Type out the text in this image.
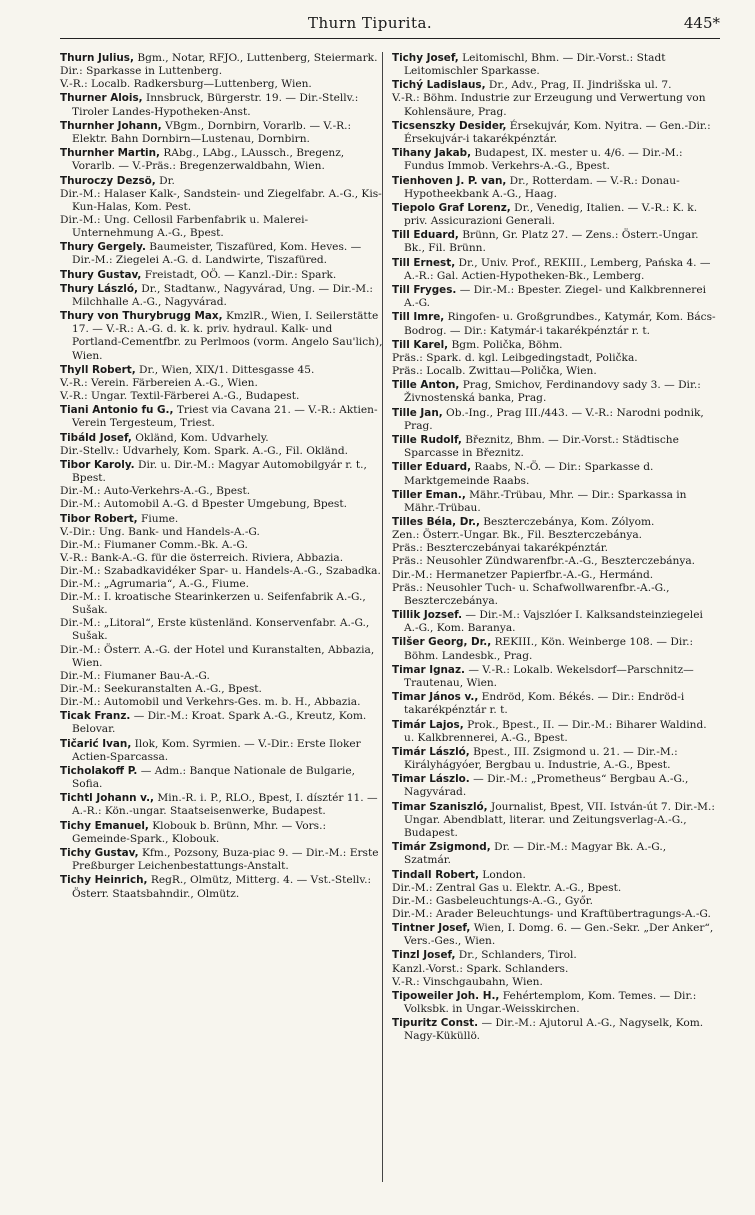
Thurn Tipurita.	445*
Thurn Julius, Bgm., Notar, RFJO., Luttenberg, Steiermark.
Dir.: Sparkasse in Luttenberg.
V.-R.: Localb. Radkersburg—Luttenberg, Wien.
Thurner Alois, Innsbruck, Bürgerstr. 19. — Dir.-Stellv.: Tiroler Landes-Hypotheken-Anst.
Thurnher Johann, VBgm., Dornbirn, Vorarlb. — V.-R.: Elektr. Bahn Dornbirn—Lustenau, Dornbirn.
Thurnher Martin, RAbg., LAbg., LAussch., Bregenz, Vorarlb. — V.-Präs.: Bregenzerwaldbahn, Wien.
Thuroczy Dezsö, Dr.
Dir.-M.: Halaser Kalk-, Sandstein- und Ziegelfabr. A.-G., Kis-Kun-Halas, Kom. Pest.
Dir.-M.: Ung. Cellosil Farbenfabrik u. Malerei-Unternehmung A.-G., Bpest.
Thury Gergely. Baumeister, Tiszafüred, Kom. Heves. — Dir.-M.: Ziegelei A.-G. d. Landwirte, Tiszafüred.
Thury Gustav, Freistadt, OÖ. — Kanzl.-Dir.: Spark.
Thury László, Dr., Stadtanw., Nagyvárad, Ung. — Dir.-M.: Milchhalle A.-G., Nagyvárad.
Thury von Thurybrugg Max, KmzlR., Wien, I. Seilerstätte 17. — V.-R.: A.-G. d. k. k. priv. hydraul. Kalk- und Portland-Cementfbr. zu Perlmoos (vorm. Angelo Sau'lich), Wien.
Thyll Robert, Dr., Wien, XIX/1. Dittesgasse 45.
V.-R.: Verein. Färbereien A.-G., Wien.
V.-R.: Ungar. Textil-Färberei A.-G., Budapest.
Tiani Antonio fu G., Triest via Cavana 21. — V.-R.: Aktien-Verein Tergesteum, Triest.
Tibáld Josef, Okländ, Kom. Udvarhely.
Dir.-Stellv.: Udvarhely, Kom. Spark. A.-G., Fil. Okländ.
Tibor Karoly. Dir. u. Dir.-M.: Magyar Automobilgyár r. t., Bpest.
Dir.-M.: Auto-Verkehrs-A.-G., Bpest.
Dir.-M.: Automobil A.-G. d Bpester Umgebung, Bpest.
Tibor Robert, Fiume.
V.-Dir.: Ung. Bank- und Handels-A.-G.
Dir.-M.: Fiumaner Comm.-Bk. A.-G.
V.-R.: Bank-A.-G. für die österreich. Riviera, Abbazia.
Dir.-M.: Szabadkavidéker Spar- u. Handels-A.-G., Szabadka.
Dir.-M.: „Agrumaria“, A.-G., Fiume.
Dir.-M.: I. kroatische Stearinkerzen u. Seifenfabrik A.-G., Sušak.
Dir.-M.: „Litoral“, Erste küstenländ. Konservenfabr. A.-G., Sušak.
Dir.-M.: Österr. A.-G. der Hotel und Kuranstalten, Abbazia, Wien.
Dir.-M.: Fiumaner Bau-A.-G.
Dir.-M.: Seekuranstalten A.-G., Bpest.
Dir.-M.: Automobil und Verkehrs-Ges. m. b. H., Abbazia.
Ticak Franz. — Dir.-M.: Kroat. Spark A.-G., Kreutz, Kom. Belovar.
Tičarić Ivan, Ilok, Kom. Syrmien. — V.-Dir.: Erste Iloker Actien-Sparcassa.
Ticholakoff P. — Adm.: Banque Nationale de Bulgarie, Sofia.
Tichtl Johann v., Min.-R. i. P., RLO., Bpest, I. dísztér 11. — A.-R.: Kön.-ungar. Staatseisenwerke, Budapest.
Tichy Emanuel, Klobouk b. Brünn, Mhr. — Vors.: Gemeinde-Spark., Klobouk.
Tichy Gustav, Kfm., Pozsony, Buza-piac 9. — Dir.-M.: Erste Preßburger Leichenbestattungs-Anstalt.
Tichy Heinrich, RegR., Olmütz, Mitterg. 4. — Vst.-Stellv.: Österr. Staatsbahndir., Olmütz.
Tichy Josef, Leitomischl, Bhm. — Dir.-Vorst.: Stadt Leitomischler Sparkasse.
Tichý Ladislaus, Dr., Adv., Prag, II. Jindrišska ul. 7.
V.-R.: Böhm. Industrie zur Erzeugung und Verwertung von Kohlensäure, Prag.
Ticsenszky Desider, Érsekujvár, Kom. Nyitra. — Gen.-Dir.: Érsekujvár-i takarékpénztár.
Tihany Jakab, Budapest, IX. mester u. 4/6. — Dir.-M.: Fundus Immob. Verkehrs-A.-G., Bpest.
Tienhoven J. P. van, Dr., Rotterdam. — V.-R.: Donau-Hypotheekbank A.-G., Haag.
Tiepolo Graf Lorenz, Dr., Venedig, Italien. — V.-R.: K. k. priv. Assicurazioni Generali.
Till Eduard, Brünn, Gr. Platz 27. — Zens.: Österr.-Ungar. Bk., Fil. Brünn.
Till Ernest, Dr., Univ. Prof., REKIII., Lemberg, Pańska 4. — A.-R.: Gal. Actien-Hypotheken-Bk., Lemberg.
Till Fryges. — Dir.-M.: Bpester. Ziegel- und Kalkbrennerei A.-G.
Till Imre, Ringofen- u. Großgrundbes., Katymár, Kom. Bács-Bodrog. — Dir.: Katymár-i takarékpénztár r. t.
Till Karel, Bgm. Polička, Böhm.
Präs.: Spark. d. kgl. Leibgedingstadt, Polička.
Präs.: Localb. Zwittau—Polička, Wien.
Tille Anton, Prag, Smichov, Ferdinandovy sady 3. — Dir.: Živnostenská banka, Prag.
Tille Jan, Ob.-Ing., Prag III./443. — V.-R.: Narodni podnik, Prag.
Tille Rudolf, Březnitz, Bhm. — Dir.-Vorst.: Städtische Sparcasse in Březnitz.
Tiller Eduard, Raabs, N.-Ö. — Dir.: Sparkasse d. Marktgemeinde Raabs.
Tiller Eman., Mähr.-Trübau, Mhr. — Dir.: Sparkassa in Mähr.-Trübau.
Tilles Béla, Dr., Beszterczebánya, Kom. Zólyom.
Zen.: Österr.-Ungar. Bk., Fil. Beszterczebánya.
Präs.: Beszterczebányai takarékpénztár.
Präs.: Neusohler Zündwarenfbr.-A.-G., Beszterczebánya.
Dir.-M.: Hermanetzer Papierfbr.-A.-G., Hermánd.
Präs.: Neusohler Tuch- u. Schafwollwarenfbr.-A.-G., Beszterczebánya.
Tillik Jozsef. — Dir.-M.: Vajszlóer I. Kalksandsteinziegelei A.-G., Kom. Baranya.
Tilšer Georg, Dr., REKIII., Kön. Weinberge 108. — Dir.: Böhm. Landesbk., Prag.
Timar Ignaz. — V.-R.: Lokalb. Wekelsdorf—Parschnitz—Trautenau, Wien.
Timar János v., Endröd, Kom. Békés. — Dir.: Endröd-i takarékpénztár r. t.
Timár Lajos, Prok., Bpest., II. — Dir.-M.: Biharer Waldind. u. Kalkbrennerei, A.-G., Bpest.
Timár László, Bpest., III. Zsigmond u. 21. — Dir.-M.: Királyhágyóer, Bergbau u. Industrie, A.-G., Bpest.
Timar Lászlo. — Dir.-M.: „Prometheus“ Bergbau A.-G., Nagyvárad.
Timar Szaniszló, Journalist, Bpest, VII. István-út 7. Dir.-M.: Ungar. Abendblatt, literar. und Zeitungsverlag-A.-G., Budapest.
Timár Zsigmond, Dr. — Dir.-M.: Magyar Bk. A.-G., Szatmár.
Tindall Robert, London.
Dir.-M.: Zentral Gas u. Elektr. A.-G., Bpest.
Dir.-M.: Gasbeleuchtungs-A.-G., Győr.
Dir.-M.: Arader Beleuchtungs- und Kraftübertragungs-A.-G.
Tintner Josef, Wien, I. Domg. 6. — Gen.-Sekr. „Der Anker“, Vers.-Ges., Wien.
Tinzl Josef, Dr., Schlanders, Tirol.
Kanzl.-Vorst.: Spark. Schlanders.
V.-R.: Vinschgaubahn, Wien.
Tipoweiler Joh. H., Fehértemplom, Kom. Temes. — Dir.: Volksbk. in Ungar.-Weisskirchen.
Tipuritz Const. — Dir.-M.: Ajutorul A.-G., Nagyselk, Kom. Nagy-Küküllö.
